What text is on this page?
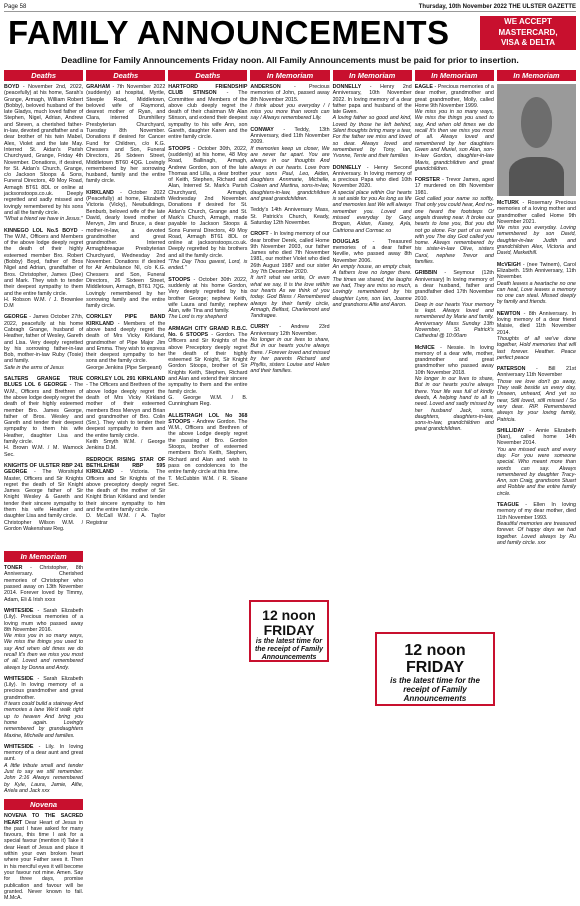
Page 58	Thursday, 10th November 2022 THE ULSTER GAZETTE
FAMILY ANNOUNCEMENTS	WE ACCEPT
MASTERCARD,
VISA & DELTA
Deadline for Family Announcements Friday noon. All Family Announcements must be paid for prior to insertion.
Deaths

BOYD - November 2nd, 2022, (peacefully) at his home, Sarah's Grange, Armagh, William Robert (Bobby), beloved husband of the late Gladys, much loved father of Stephen, Nigel, Adrian, Andrew and Steven, a cherished father-in-law, devoted grandfather and a dear brother of his twin Mabel, Alex, Violet and the late May. Interred St. Aidan's Parish Churchyard, Grange, Friday 4th November. Donations, if desired, for St. Aidan's Church, Grange, c/o Jackson Stoops & Sons, Funeral Directors, 49 Moy Road, Armagh BT61 8DL or online at jacksonstoops.co.uk. Deeply regretted and sadly missed and lovingly remembered by his sons and all the family circle.

"What a friend we have in Jesus."

KINNEGO LOL No.5 BOYD - The W.M., Officers and Members of the above lodge deeply regret the death of their highly esteemed member Bro. Robert (Bobby) Boyd, father of Bros Nigel and Adrian, grandfather of Bros. Christopher, James (Dee) and Mark. They wish to tender their deepest sympathy to them and the entire family circle.

H. Robson W.M. / J. Brownlee D.M

GEORGE - James October 27th, 2022, peacefully at his home Cabragh Grange, husband of Heather, father of Wesley, Gareth and Lisa. Very deeply regretted by his sorrowing father-in-law Bob, mother-in-law Ruby (Tosie) and family.

Safe in the arms of Jesus

SALTERS GRANGE TRUE BLUES LOL 6 GEORGE - The W.M., Officers and Brethren of the above lodge deeply regret the death of their highly esteemed member Bro. James George, father of Bros. Wesley and Gareth and tender their deepest sympathy to them his wife Heather, daughter Lisa and family circle.

H. Brown W.M. / M. Wamock Sec.

KNIGHTS OF ULSTER RBP 241 GEORGE - The Worshipful Master, Officers and Sir Knights regret the death of Sir Knight James George father of Sir Knight Wesley & Gareth and tender their sincere sympathy to them his wife Heather and daughter Lisa and family circle.

Christopher Wilson W.M. / Gordon Wakenshaw Reg.

Deaths

GRAHAM - 7th November 2022 (suddenly) at hospital, Myrtle, Steeple Road, Middletown, beloved wife of Raymond, dearest mother of Ryan, and Clara, interred Drumhillery Presbyterian Churchyard, Tuesday 8th November. Donations if desired for Cancer Fund for Children, c/o K.G. Chessers and Son, Funeral Directors, 26 Sixteen Street, Middletown BT60 4QG. Lovingly remembered by her sorrowing husband, family and the entire family circle.

KIRKLAND - October 2022 (Peacefully) at home, Elizabeth Victoria (Vicky), Newbuildings, Benburb, beloved wife of the late David, dearly loved mother of Mervyn, Jim and Bruce, a dear mother-in-law, a devoted grandmother and great grandmother. Interred Armaghbreague Presbyterian Churchyard, Wednesday 2nd November. Donations if desired for Air Ambulance NI, c/o K.G. Chessers and Son, Funeral Directors, 26 Sixteen Street, Middletown, Armagh, BT61 7QG. Lovingly remembered by her sorrowing family and the entire family circle.

CORKLEY PIPE BAND KIRKLAND - Members of the above band deeply regret the death of Mrs Vicky Kirkland, grandmother of Pipe Major Jim and Emma. They wish to express their deepest sympathy to her sons and the family circle.

George Jenkins (Pipe Sergeant)

CORKLEY LOL 291 KIRKLAND - The Officers and Brethren of the above lodge deeply regret the death of Mrs Vicky Kirkland mother of their esteemed members Bros Mervyn and Brian and grandmother of Bro. Colin (Snr.). They wish to tender their deepest sympathy to them and the entire family circle.

Keith Smyth W.M. / George Jenkins D.M.

REDROCK RISING STAR OF BETHLEHEM RBP 595 KIRKLAND - Victoria. The Officers and Sir Knights of the above preceptory deeply regret the death of the mother of Sir Knight Brian Kirkland and tender their sincere sympathy to him and the entire family circle.

D. McCall W.M. / A. Taylor Registrar

Deaths

HARTFORD FRIENDSHIP CLUB STINSON - The Committee and Members of the above club deeply regret the death of their chairman Mr Alan Stinson, and extend their deepest sympathy to his wife Ann, son Gareth, daughter Karen and the entire family circle.

STOOPS - October 30th, 2022, (suddenly) at his home, 48 Moy Road, Ballinagh, Armagh, Andrew Gordon, son of the late Thomas and Lilla, a dear brother of Keith, Stephen, Richard and Alan, Interred St. Mark's Parish Churchyard, Armagh, Wednesday 2nd November. Donations if desired for St. Aidan's Church, Grange and St. Mark's Church, Armagh, made payable to Jackson Stoops & Sons Funeral Directors, 49 Moy Road, Armagh BT61 8DL or online at jacksonstoops.co.uk. Deeply regretted by his brothers and all the family circle.

"The Day Thou gavest, Lord, is ended."

STOOPS - October 30th 2022, suddenly at his home Gordon, Very deeply regretted by his brother George; nephew Keith, wife Laura and family; nephew Alan, wife Tina and family.

The Lord is my shepherd

ARMAGH CITY GRAND R.B.C. No. 6 STOOPS - Gordon. The Officers and Sir Knights of the above Preceptory deeply regret the death of their highly esteemed Sir Knight, Sir Knight Gordon Stoops, brother of Sir Knights Keith, Stephen, Richard and Alan and extend their sincere sympathy to them and the entire family circle.

G. George W.M. / B. Cunningham Reg.

ALLISTRAGH LOL No 368 STOOPS - Andrew Gordon. The W.M., Officers and Brethren of the above Lodge deeply regret the passing of Bro. Gordon Stoops, brother of esteemed members Bro's Keith, Stephen, Richard and Alan and wish to pass on condolences to the entire family circle at this time.

T. McCubbin W.M. / R. Sloane Sec.

In Memoriam

ANDERSON - Precious memories of John, passed away 8th November 2015.

I think about you everyday / I miss you more than words can say / Always remembered Lily.

CONWAY - Teddy, 13th Anniversary, died 11th November 2009.

If memories keep us closer, We are never far apart. You are always in our thoughts And always in our hearts. Love from your sons Paul, Leo, Aiden, daughters Annmarie, Michelle, Coleen and Martina, sons-in-law, daughters-in-law, grandchildren and great grandchildren.

Teddy's 14th Anniversary Mass, St. Patrick's Church, Keady, Saturday 12th November.

CROFT - In loving memory of our dear brother Derek, called Home 9th November 2003, our father James who died 7th November 1981, our mother Violet who died 26th August 1987 and our sister Joy 7th December 2020.

It isn't what we write, Or even what we say, It is the love within our hearts As we think of you today. God Bless / Remembered always by their family circle, Armagh, Belfast, Charlemont and Tandragee.

CURRY - Andrew 23rd Anniversary 12th November.

No longer in our lives to share, But in our hearts you're always there. / Forever loved and missed by her parents Richard and Phyllis, sisters Louise and Helen and their families.

In Memoriam

DONNELLY - Henry 2nd Anniversary, 10th November 2022. In loving memory of a dear father papa and husband of the late Gwen.

A loving father so good and kind, Loved by those he left behind, Silent thoughts bring many a tear, For the father we miss and loved so dear. Always loved and remembered by Tony, Ian, Yvonne, Terrie and their families

DONNELLY - Henry Second Anniversary. In loving memory of a precious Papa who died 10th November 2020.

A special place within Our hearts is set aside for you As long as life and memories last We will always remember you. Loved and missed everyday by Gary, Brogan, Aidan, Kasey, Ayla, Caitriona and Cormac xo

DOUGLAS	- Treasured memories of a dear father Neville, who passed away 8th November 2006.

An empty house, an empty chair, A fathers love no longer there. The times we shared, the laughs we had, They are miss so much, Lovingly remembered by his daughter Lynn, son Ian, Joanne and grandsons Alfie and Aaron.

In Memoriam

EAGLE - Precious memories of a dear mother, grandmother and great grandmother, Molly, called Home 9th November 1999.

We miss you in so many ways, We miss the things you used to say, And when old times we do recall It's then we miss you most of all. Always loved and remembered by her daughters Gwen and Muriel, son Alan, son-in-law Gordon, daughter-in-law Mavis, grandchildren and great grandchildren.

FORSTER - Trevor James, aged 17 murdered on 8th November 1981.

God called your name so softly, That only you could hear, And no-one heard the footsteps Of angels drawing near. It broke our hearts to lose you, But you did not go alone. For part of us went with you The day God called you home. Always remembered by his sister-in-law Olive, sisters Carol, nephew Trevor and families.

GRIBBIN - Seymour (12th Anniversary) In loving memory of a dear husband, father and grandfather died 17th November 2010.

Deep in our hearts Your memory is kept. Always loved and remembered by Marie and family. Anniversary Mass Sunday 13th November, St. Patrick's Cathedral @ 10:00am

McNICE - Nessie. In loving memory of a dear wife, mother, grandmother and great grandmother who passed away 10th November 2018.

No longer in our lives to share, But in our hearts you're always there. Your life was full of kindly deeds, A helping hand to all in need. Loved and sadly missed by her husband Jack, sons, daughters, daughters-in-law, sons-in-law, grandchildren and great grandchildren.

In Memoriam

McTURK - Rosemary Precious memories of a loving mother and grandmother called Home 9th November 2021.

We miss you everyday. Loving remembered by son David, daughter-in-law Judith and grandchildren Alex, Victoria and David, Markethill.

McVEIGH - (nee Twinem), Carol Elizabeth. 15th Anniversary, 11th November.

Death leaves a heartache no one can heal, Love leaves a memory no one can steal. Missed deeply by family and friends.

NEWTON - 8th Anniversary. In loving memory of a dear friend Maisie, died 11th November 2014.

Thoughts of all we've done together, Hold memories that will last forever. Heather. Peace perfect peace

PATERSON - Bill 21st Anniversary 11th November

Those we love don't go away, They walk beside us every day, Unseen, unheard, And yet so near, Still loved, still missed / So very dear. RIP. Remembered always by your loving family, Patricia.

SHILLIDAY - Annie Elizabeth (Nan), called home 14th November 2014.

You are missed each and every day. For you were someone special. Who meant more than words can say. Always remembered by daughter Tracy-Ann, son Craig, grandsons Stuart and Robbie and the entire family circle.

TEAGUE - Ellen In loving memory of my dear mother, died 11th November 1993.

Beautiful memories are treasured forever. Of happy days we had together. Loved always by Ru and family circle. xxx

In Memoriam

TONER - Christopher, 8th Anniversary. Cherished memories of Christopher who passed away on 13th November 2014. Forever loved by Timmy, Adam, Eli & Irish xxxx

WHITESIDE - Sarah Elizabeth (Lily). Precious memories of a loving mum who passed away 8th November 2016.

We miss you in so many ways, We miss the things you used to say And when old times we do recall It's then we miss you most of all. Loved and remembered always by Donna and Andy.

WHITESIDE - Sarah Elizabeth (Lily). In loving memory of a precious grandmother and great grandmother.

If tears could build a stairway And memories a lane We'd walk right up to heaven And bring you home again. Lovingly remembered by grandaughters Maxine, Michelle and families.

WHITESIDE - Lily. In loving memory of a dear aunt and great aunt.

A little tribute small and tender Just to say we still remember. John 2:16 Always remembered by Kyle, Laura, Jamie, Alfie, Ariela and Jack xxx

Novena

NOVENA TO THE SACRED HEART Dear Heart of Jesus in the past I have asked for many favours, this time I ask for a special favour (mention it) Take it dear Heart of Jesus and place it within your own broken heart where your Father sees it. Then in his merciful eyes it will become your favour not mine. Amen. Say for three days, promise publication and favour will be granted. Never known to fail. M.McA.

12 noon
FRIDAY
is the latest time for the receipt of Family Announcements	12 noon
FRIDAY
is the latest time for the receipt of Family Announcements
